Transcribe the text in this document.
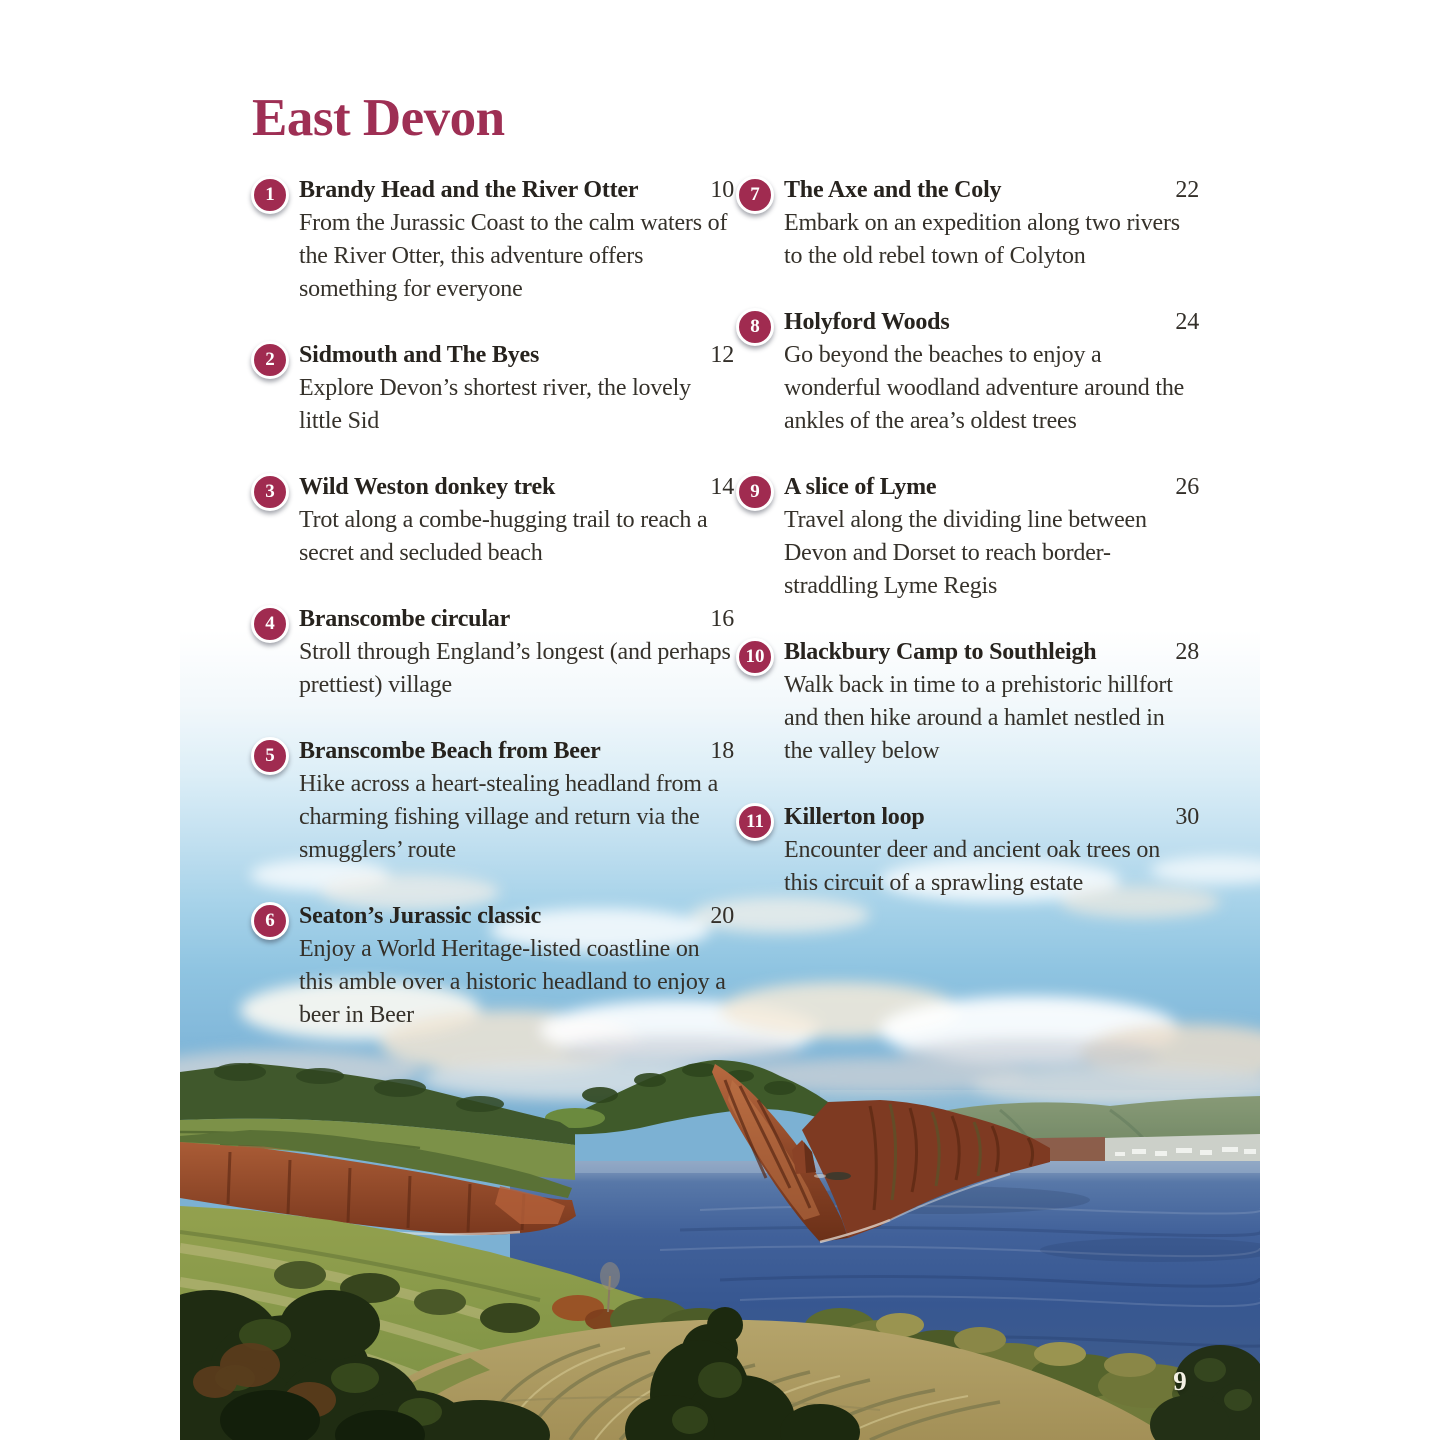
East Devon
1	Brandy Head and the River Otter	10
From the Jurassic Coast to the calm waters of the River Otter, this adventure offers something for everyone
2	Sidmouth and The Byes	12
Explore Devon’s shortest river, the lovely little Sid
3	Wild Weston donkey trek	14
Trot along a combe-hugging trail to reach a secret and secluded beach
4	Branscombe circular	16
Stroll through England’s longest (and perhaps prettiest) village
5	Branscombe Beach from Beer	18
Hike across a heart-stealing headland from a charming fishing village and return via the smugglers’ route
6	Seaton’s Jurassic classic	20
Enjoy a World Heritage-listed coastline on this amble over a historic headland to enjoy a beer in Beer
7	The Axe and the Coly	22
Embark on an expedition along two rivers to the old rebel town of Colyton
8	Holyford Woods	24
Go beyond the beaches to enjoy a wonderful woodland adventure around the ankles of the area’s oldest trees
9	A slice of Lyme	26
Travel along the dividing line between Devon and Dorset to reach border-straddling Lyme Regis
10 Blackbury Camp to Southleigh	28
Walk back in time to a prehistoric hillfort and then hike around a hamlet nestled in the valley below
11 Killerton loop	30
Encounter deer and ancient oak trees on this circuit of a sprawling estate
9
